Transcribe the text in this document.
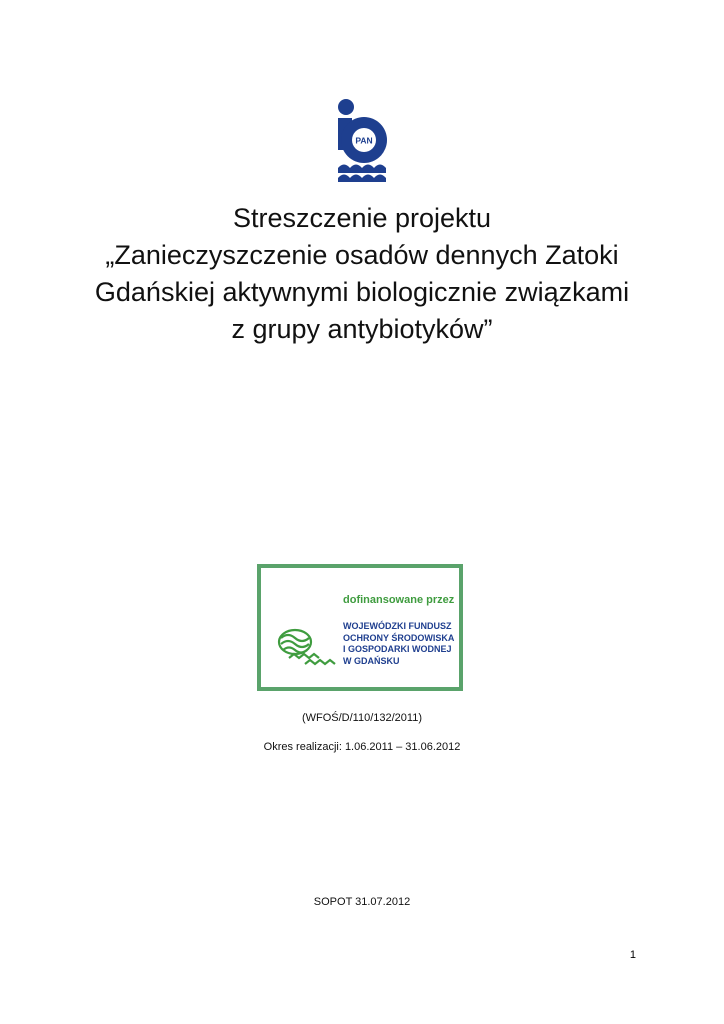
PAN
Streszczenie projektu
„Zanieczyszczenie osadów dennych Zatoki
Gdańskiej aktywnymi biologicznie związkami
z grupy antybiotyków”
dofinansowane przez
WOJEWÓDZKI FUNDUSZ
OCHRONY ŚRODOWISKA
I GOSPODARKI WODNEJ
W GDAŃSKU
(WFOŚ/D/110/132/2011)
Okres realizacji: 1.06.2011 – 31.06.2012
SOPOT 31.07.2012
1
